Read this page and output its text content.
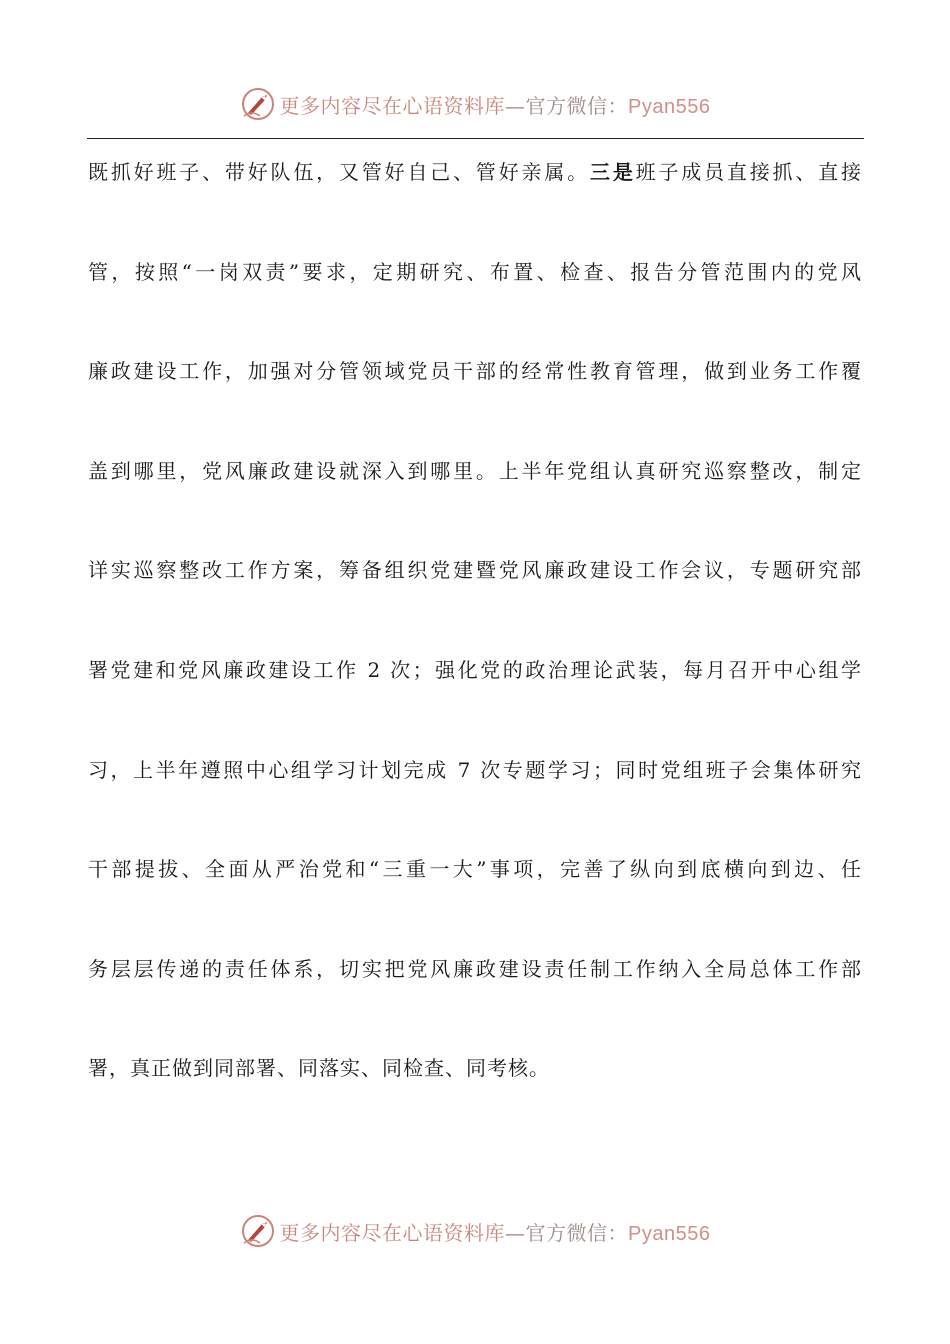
更多内容尽在心语资料库—官方微信：Pyan556
既抓好班子、带好队伍，又管好自己、管好亲属。三是班子成员直接抓、直接
管，按照“一岗双责”要求，定期研究、布置、检查、报告分管范围内的党风
廉政建设工作，加强对分管领域党员干部的经常性教育管理，做到业务工作覆
盖到哪里，党风廉政建设就深入到哪里。上半年党组认真研究巡察整改，制定
详实巡察整改工作方案，筹备组织党建暨党风廉政建设工作会议，专题研究部
署党建和党风廉政建设工作 2 次；强化党的政治理论武装，每月召开中心组学
习，上半年遵照中心组学习计划完成 7 次专题学习；同时党组班子会集体研究
干部提拔、全面从严治党和“三重一大”事项，完善了纵向到底横向到边、任
务层层传递的责任体系，切实把党风廉政建设责任制工作纳入全局总体工作部
署，真正做到同部署、同落实、同检查、同考核。
更多内容尽在心语资料库—官方微信：Pyan556
